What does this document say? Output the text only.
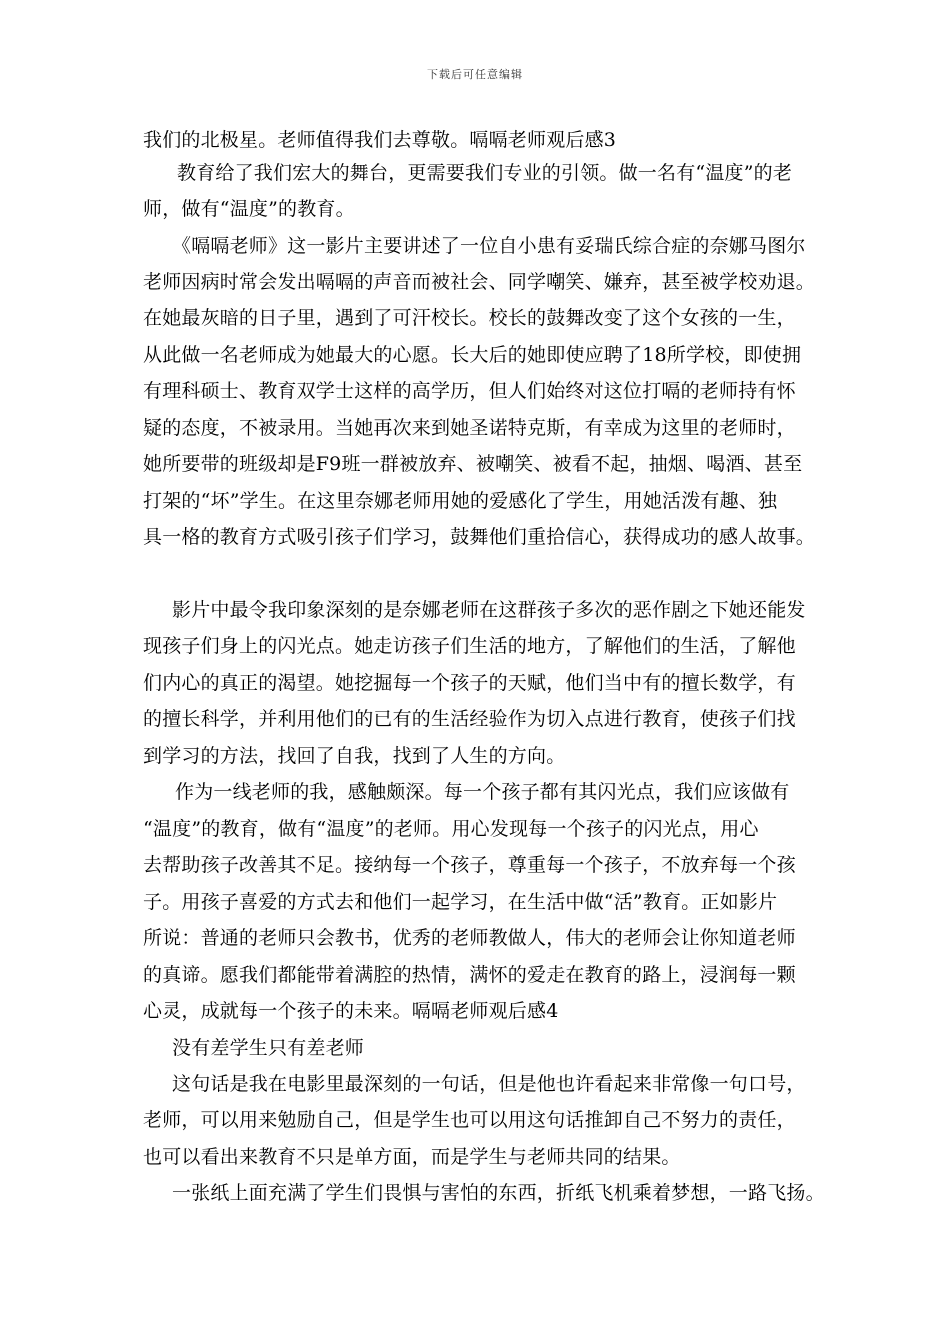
下载后可任意编辑
我们的北极星。老师值得我们去尊敬。嗝嗝老师观后感3
教育给了我们宏大的舞台，更需要我们专业的引领。做一名有“温度”的老
师，做有“温度”的教育。
《嗝嗝老师》这一影片主要讲述了一位自小患有妥瑞氏综合症的奈娜马图尔
老师因病时常会发出嗝嗝的声音而被社会、同学嘲笑、嫌弃，甚至被学校劝退。
在她最灰暗的日子里，遇到了可汗校长。校长的鼓舞改变了这个女孩的一生，
从此做一名老师成为她最大的心愿。长大后的她即使应聘了18所学校，即使拥
有理科硕士、教育双学士这样的高学历，但人们始终对这位打嗝的老师持有怀
疑的态度，不被录用。当她再次来到她圣诺特克斯，有幸成为这里的老师时，
她所要带的班级却是F9班一群被放弃、被嘲笑、被看不起，抽烟、喝酒、甚至
打架的“坏”学生。在这里奈娜老师用她的爱感化了学生，用她活泼有趣、独
具一格的教育方式吸引孩子们学习，鼓舞他们重拾信心，获得成功的感人故事。
影片中最令我印象深刻的是奈娜老师在这群孩子多次的恶作剧之下她还能发
现孩子们身上的闪光点。她走访孩子们生活的地方，了解他们的生活，了解他
们内心的真正的渴望。她挖掘每一个孩子的天赋，他们当中有的擅长数学，有
的擅长科学，并利用他们的已有的生活经验作为切入点进行教育，使孩子们找
到学习的方法，找回了自我，找到了人生的方向。
作为一线老师的我，感触颇深。每一个孩子都有其闪光点，我们应该做有
“温度”的教育，做有“温度”的老师。用心发现每一个孩子的闪光点，用心
去帮助孩子改善其不足。接纳每一个孩子，尊重每一个孩子，不放弃每一个孩
子。用孩子喜爱的方式去和他们一起学习，在生活中做“活”教育。正如影片
所说：普通的老师只会教书，优秀的老师教做人，伟大的老师会让你知道老师
的真谛。愿我们都能带着满腔的热情，满怀的爱走在教育的路上，浸润每一颗
心灵，成就每一个孩子的未来。嗝嗝老师观后感4
没有差学生只有差老师
这句话是我在电影里最深刻的一句话，但是他也许看起来非常像一句口号，
老师，可以用来勉励自己，但是学生也可以用这句话推卸自己不努力的责任，
也可以看出来教育不只是单方面，而是学生与老师共同的结果。
一张纸上面充满了学生们畏惧与害怕的东西，折纸飞机乘着梦想，一路飞扬。
